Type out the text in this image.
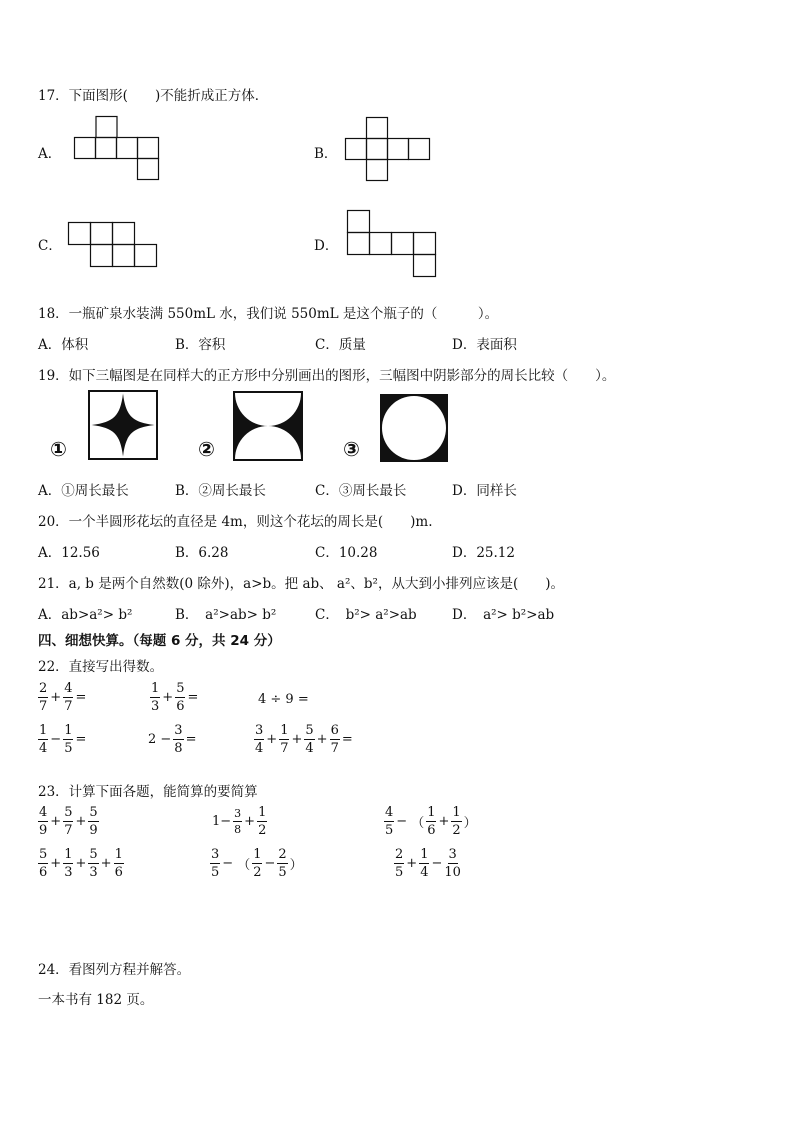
17．下面图形(　　)不能折成正方体．
A．	B．
C．	D．
18．一瓶矿泉水装满 550mL 水，我们说 550mL 是这个瓶子的（　　　）。
A．体积	B．容积	C．质量	D．表面积
19．如下三幅图是在同样大的正方形中分别画出的图形，三幅图中阴影部分的周长比较（　　）。
①	②	③
A．①周长最长	B．②周长最长	C．③周长最长	D．同样长
20．一个半圆形花坛的直径是 4m，则这个花坛的周长是(　　)m.
A．12.56	B．6.28	C．10.28	D．25.12
21．a, b 是两个自然数(0 除外)，a>b。把 ab、 a²、b²，从大到小排列应该是(　　)。
A．ab>a²> b²	B．　a²>ab> b²	C．　b²> a²>ab	D．　a²> b²>ab
四、细想快算。（每题 6 分，共 24 分）
22．直接写出得数。
$\frac{2}{7} + \frac{4}{7}$ =	$\frac{1}{3} + \frac{5}{6}$ =	4 ÷ 9 =
$\frac{1}{4} - \frac{1}{5}$ =	$2 - \frac{3}{8}$ =	$\frac{3}{4} + \frac{1}{7} + \frac{5}{4} + \frac{6}{7}$ =
23．计算下面各题，能简算的要简算
$\frac{4}{9} + \frac{5}{7} + \frac{5}{9}$	$1- \frac{3}{8} + \frac{1}{2}$	$\frac{4}{5}$ − （ $\frac{1}{6} + \frac{1}{2}$ ）
$\frac{5}{6} + \frac{1}{3} + \frac{5}{3} + \frac{1}{6}$	$\frac{3}{5}$ − （ $\frac{1}{2} - \frac{2}{5}$ ）	$\frac{2}{5} + \frac{1}{4} - \frac{3}{10}$
24．看图列方程并解答。
一本书有 182 页。
